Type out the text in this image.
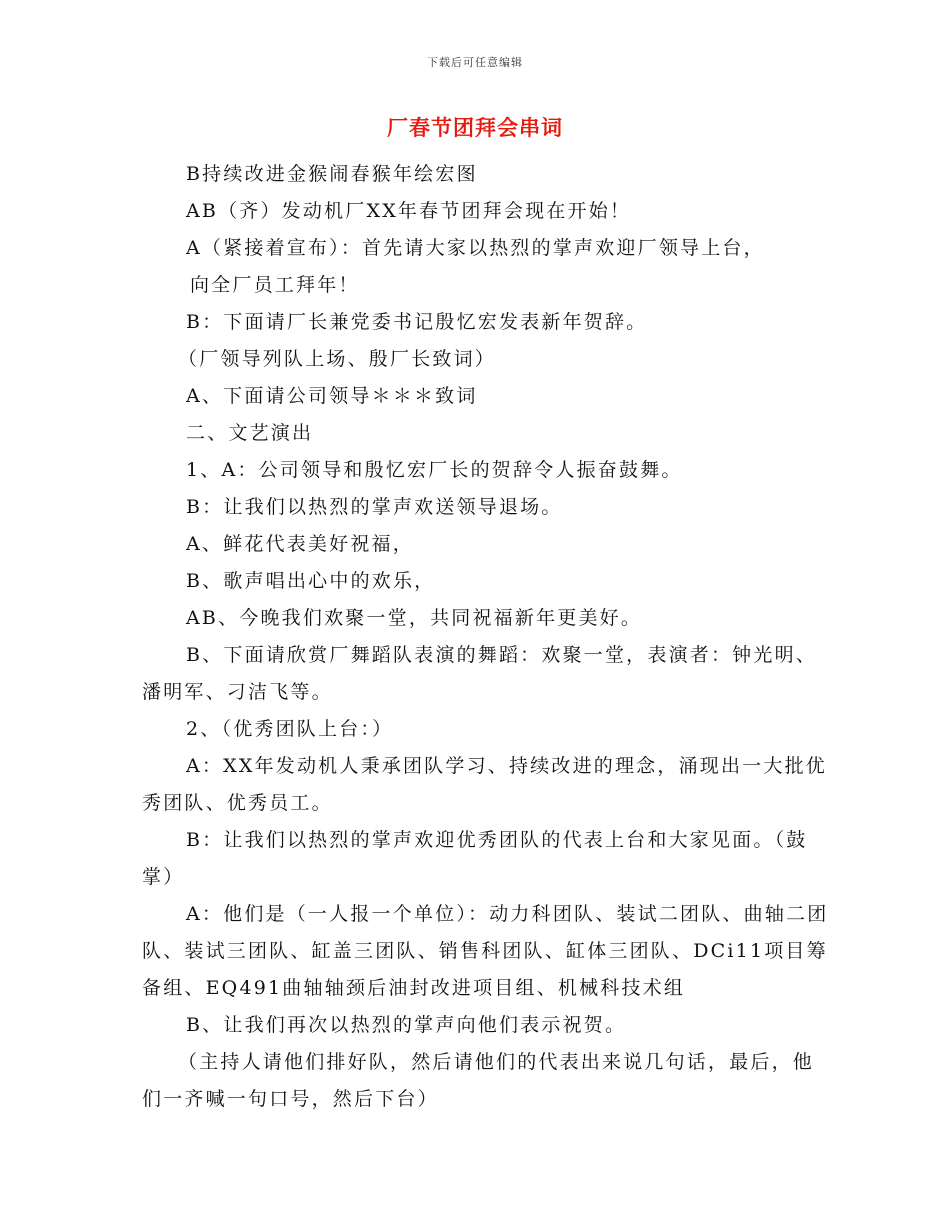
下载后可任意编辑
厂春节团拜会串词

B持续改进金猴闹春猴年绘宏图

AB（齐）发动机厂XX年春节团拜会现在开始！

A（紧接着宣布）：首先请大家以热烈的掌声欢迎厂领导上台，

向全厂员工拜年！

B：下面请厂长兼党委书记殷忆宏发表新年贺辞。

（厂领导列队上场、殷厂长致词）

A、下面请公司领导＊＊＊致词

二、文艺演出

1、A：公司领导和殷忆宏厂长的贺辞令人振奋鼓舞。

B：让我们以热烈的掌声欢送领导退场。

A、鲜花代表美好祝福，

B、歌声唱出心中的欢乐，

AB、今晚我们欢聚一堂，共同祝福新年更美好。

B、下面请欣赏厂舞蹈队表演的舞蹈：欢聚一堂，表演者：钟光明、潘明军、刁洁飞等。

2、（优秀团队上台：）

A：XX年发动机人秉承团队学习、持续改进的理念，涌现出一大批优秀团队、优秀员工。

B：让我们以热烈的掌声欢迎优秀团队的代表上台和大家见面。（鼓掌）

A：他们是（一人报一个单位）：动力科团队、装试二团队、曲轴二团队、装试三团队、缸盖三团队、销售科团队、缸体三团队、DCi11项目筹备组、EQ491曲轴轴颈后油封改进项目组、机械科技术组

B、让我们再次以热烈的掌声向他们表示祝贺。

（主持人请他们排好队，然后请他们的代表出来说几句话，最后，他们一齐喊一句口号，然后下台）
